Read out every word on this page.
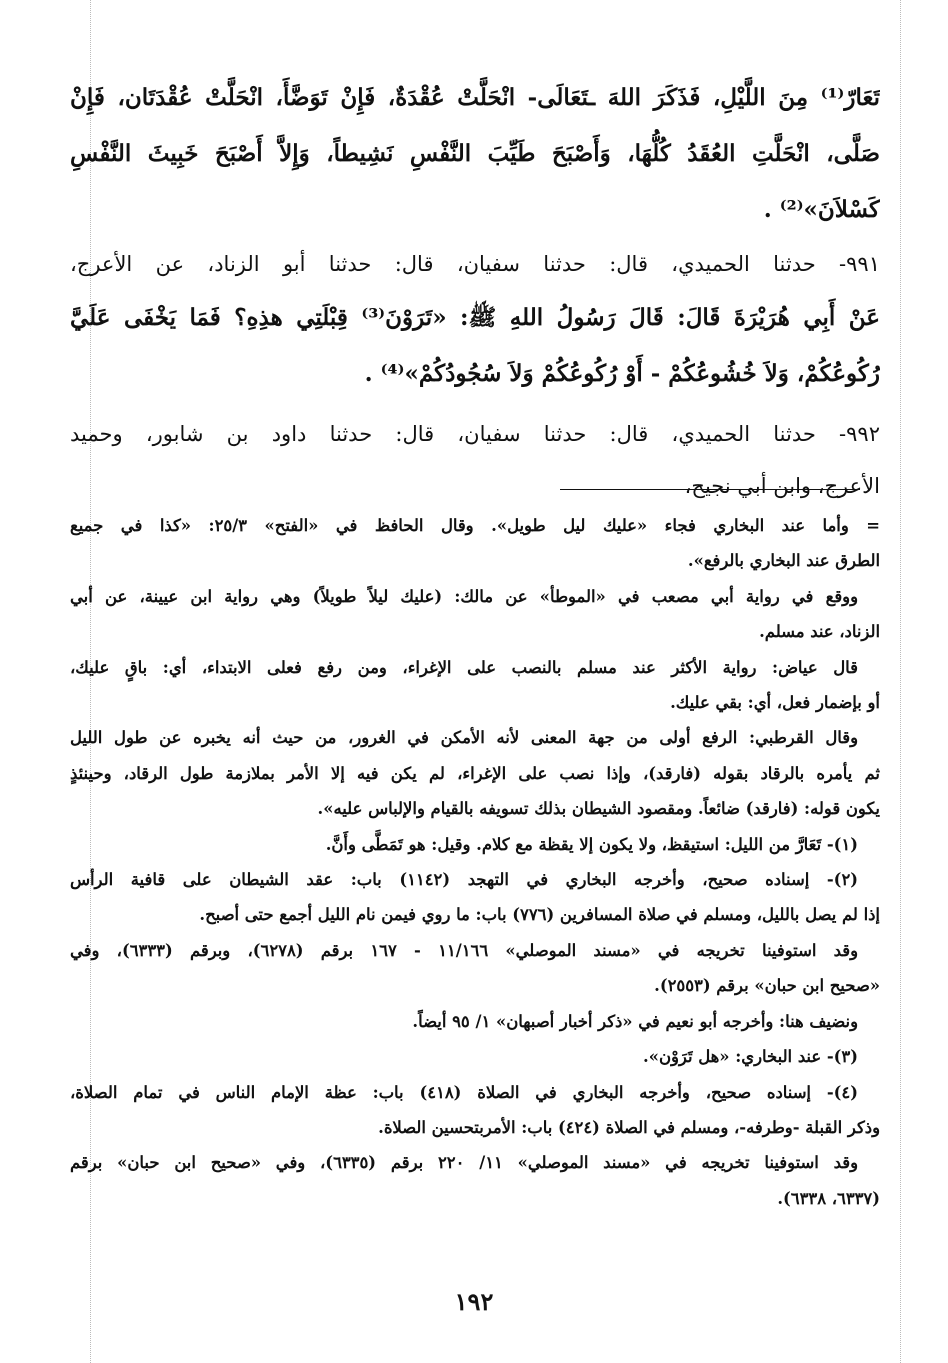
تَعَارّ⁽¹⁾ مِنَ اللَّيْلِ، فَذَكَرَ اللهَ ـتَعَالَى- انْحَلَّتْ عُقْدَةٌ، فَإِنْ تَوَضَّأَ، انْحَلَّتْ عُقْدَتَان، فَإِنْ
صَلَّى، انْحَلَّتِ العُقَدُ كُلُّهَا، وَأَصْبَحَ طَيِّبَ النَّفْسِ نَشِيطاً، وَإِلاَّ أَصْبَحَ خَبِيثَ النَّفْسِ
كَسْلاَنَ»⁽²⁾ .
٩٩١- حدثنا الحميدي، قال: حدثنا سفيان، قال: حدثنا أبو الزناد، عن الأعرج،
عَنْ أَبِي هُرَيْرَةَ قَالَ: قَالَ رَسُولُ اللهِ ﷺ: «تَرَوْنَ⁽³⁾ قِبْلَتِي هذِهِ؟ فَمَا يَخْفَى عَلَيَّ
رُكُوعُكُمْ، وَلاَ خُشُوعُكُمْ - أَوْ رُكُوعُكُمْ وَلاَ سُجُودُكُمْ»⁽⁴⁾ .
٩٩٢- حدثنا الحميدي، قال: حدثنا سفيان، قال: حدثنا داود بن شابور، وحميد
الأعرج، وابن أبي نجيح،
= وأما عند البخاري فجاء «عليك ليل طويل». وقال الحافظ في «الفتح» ٢٥/٣: «كذا في جميع
الطرق عند البخاري بالرفع».
ووقع في رواية أبي مصعب في «الموطأ» عن مالك: (عليك ليلاً طويلاً) وهي رواية ابن عيينة، عن أبي
الزناد، عند مسلم.
قال عياض: رواية الأكثر عند مسلم بالنصب على الإغراء، ومن رفع فعلى الابتداء، أي: باقٍ عليك،
أو بإضمار فعل، أي: بقي عليك.
وقال القرطبي: الرفع أولى من جهة المعنى لأنه الأمكن في الغرور، من حيث أنه يخبره عن طول الليل
ثم يأمره بالرقاد بقوله (فارقد)، وإذا نصب على الإغراء، لم يكن فيه إلا الأمر بملازمة طول الرقاد، وحينئذٍ
يكون قوله: (فارقد) ضائعاً. ومقصود الشيطان بذلك تسويفه بالقيام والإلباس عليه».
(١)- تَعَارَّ من الليل: استيقظ، ولا يكون إلا يقظة مع كلام. وقيل: هو تَمَطَّى وأَنَّ.
(٢)- إسناده صحيح، وأخرجه البخاري في التهجد (١١٤٢) باب: عقد الشيطان على قافية الرأس
إذا لم يصل بالليل، ومسلم في صلاة المسافرين (٧٧٦) باب: ما روي فيمن نام الليل أجمع حتى أصبح.
وقد استوفينا تخريجه في «مسند الموصلي» ١١/١٦٦ - ١٦٧ برقم (٦٢٧٨)، وبرقم (٦٣٣٣)، وفي
«صحيح ابن حبان» برقم (٢٥٥٣).
ونضيف هنا: وأخرجه أبو نعيم في «ذكر أخبار أصبهان» ١/ ٩٥ أيضاً.
(٣)- عند البخاري: «هل تَرَوْن».
(٤)- إسناده صحيح، وأخرجه البخاري في الصلاة (٤١٨) باب: عظة الإمام الناس في تمام الصلاة،
وذكر القبلة -وطرفه-، ومسلم في الصلاة (٤٢٤) باب: الأمربتحسين الصلاة.
وقد استوفينا تخريجه في «مسند الموصلي» ١١/ ٢٢٠ برقم (٦٣٣٥)، وفي «صحيح ابن حبان» برقم
(٦٣٣٧، ٦٣٣٨).
١٩٢
